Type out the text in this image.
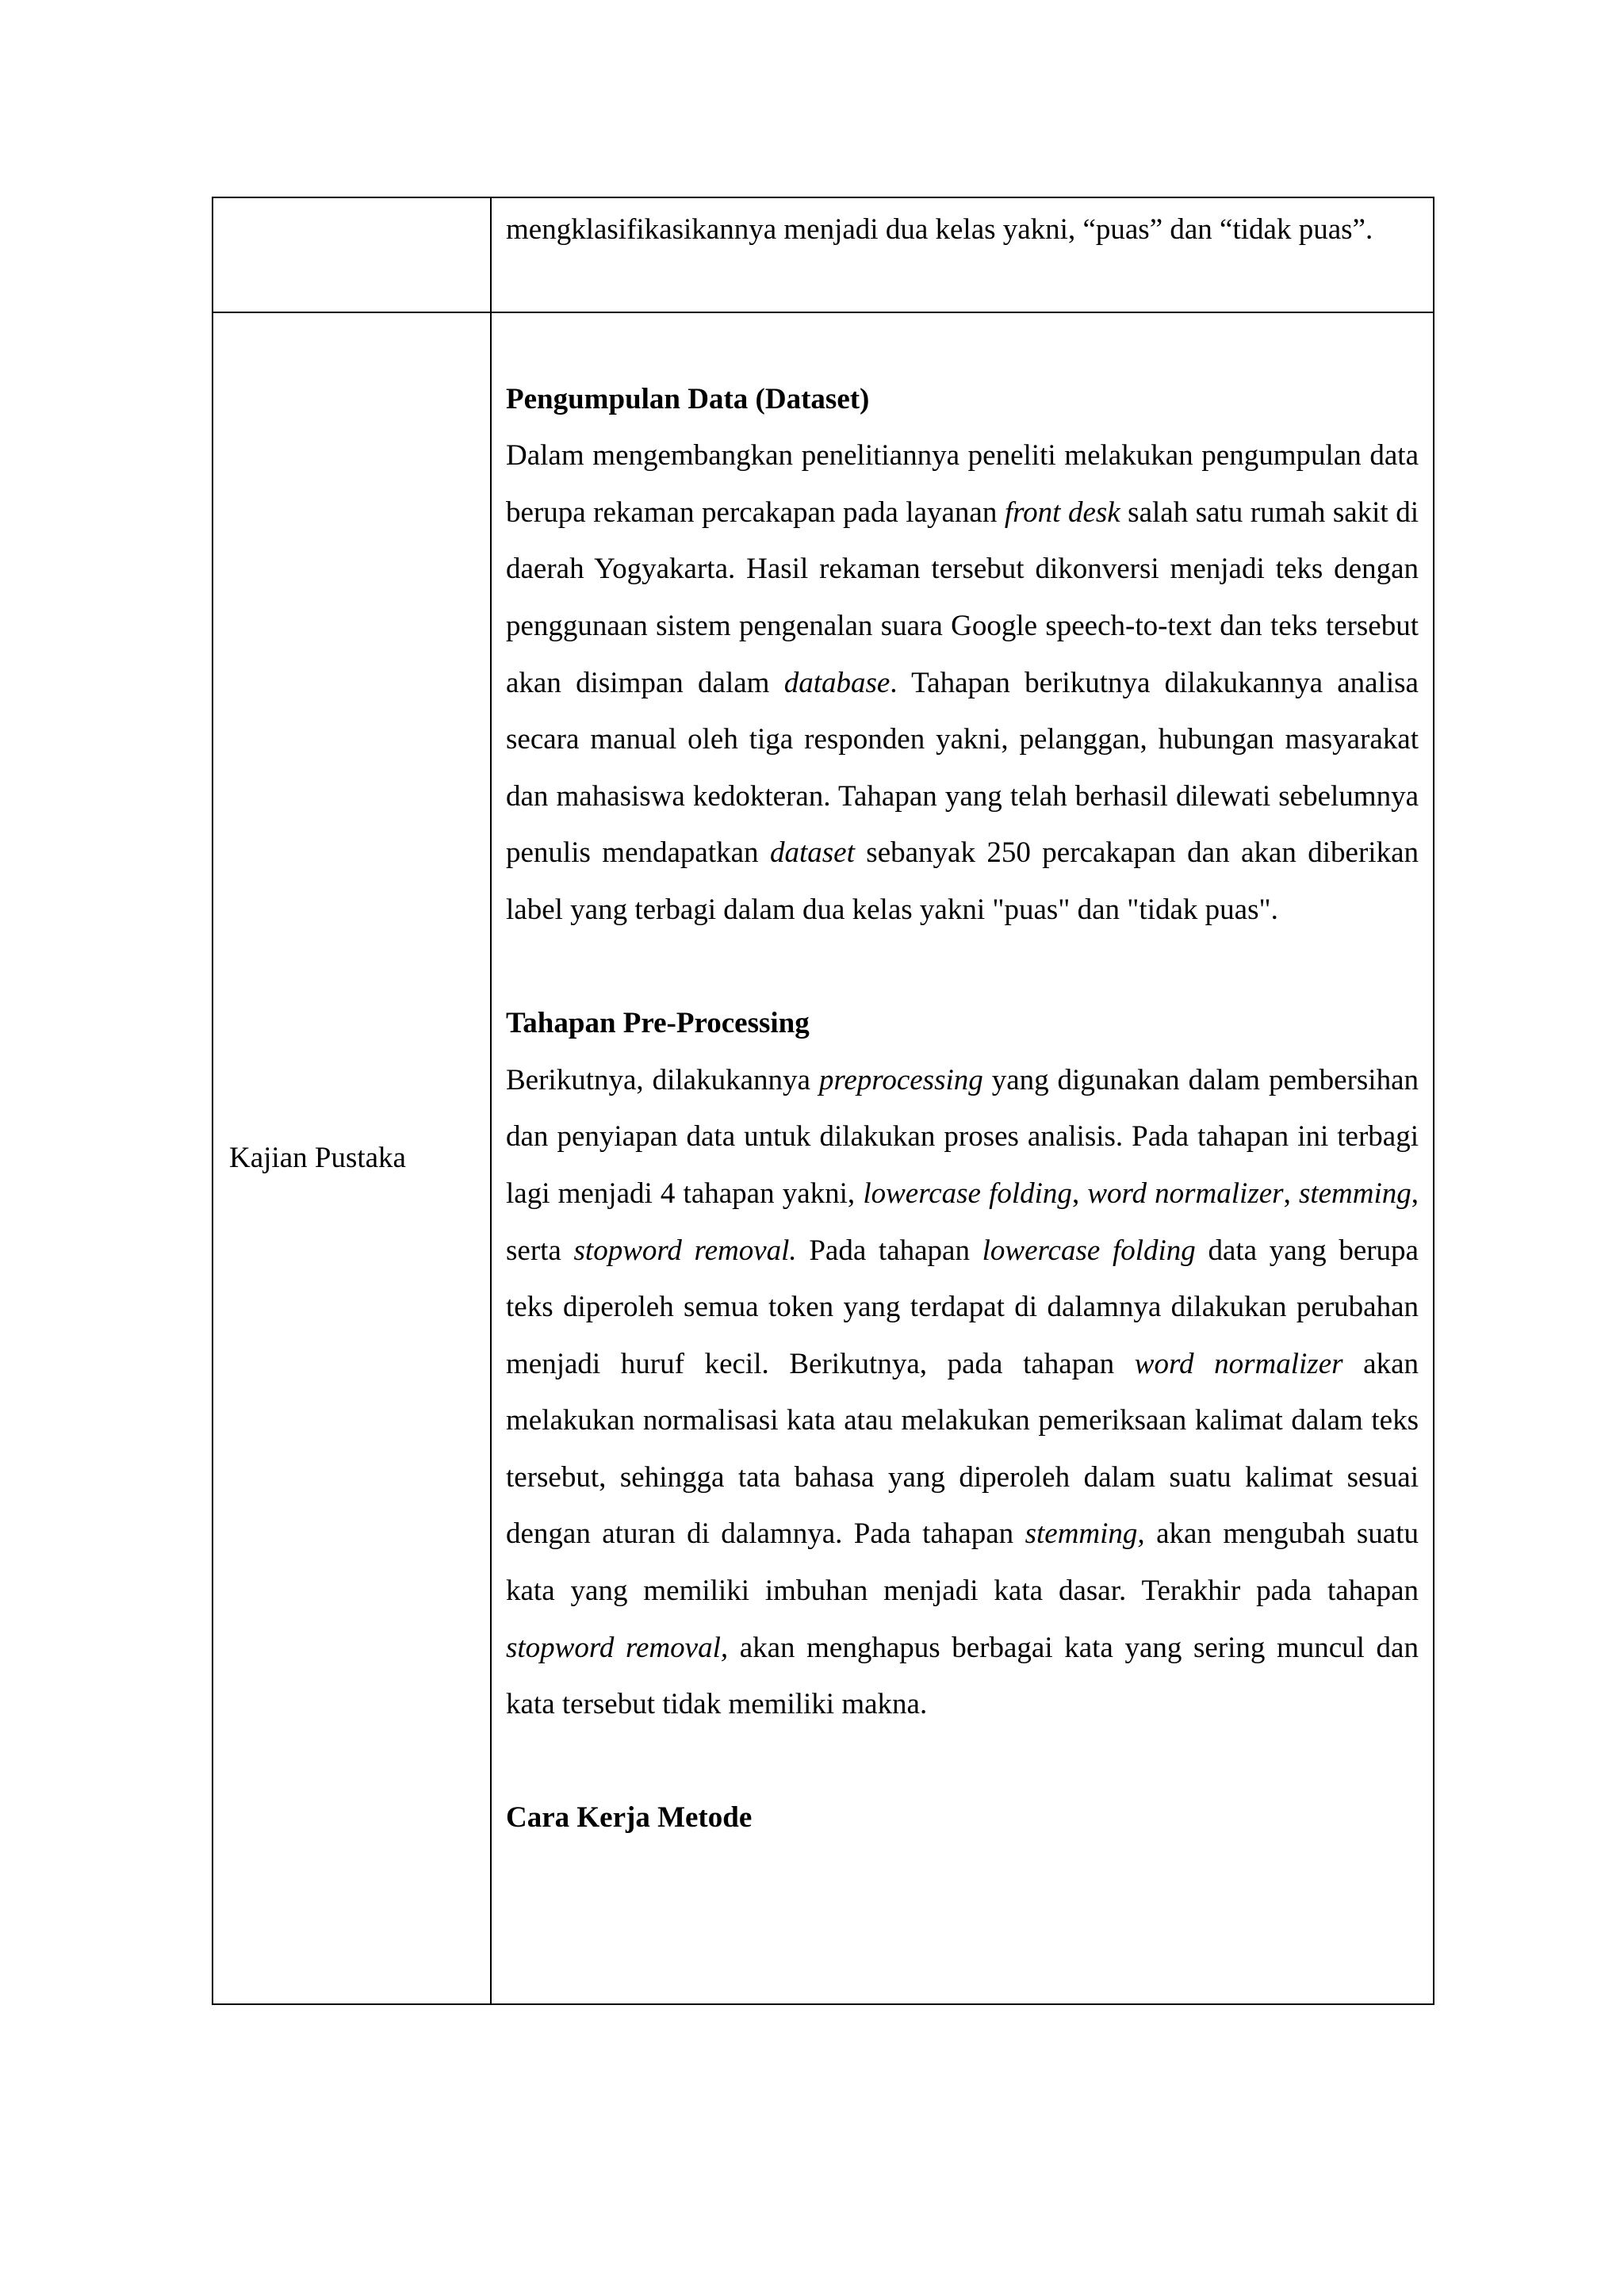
	mengklasifikasikannya menjadi dua kelas yakni, “puas” dan “tidak puas”.

Kajian Pustaka	Pengumpulan Data (Dataset)

Dalam mengembangkan penelitiannya peneliti melakukan pengumpulan data berupa rekaman percakapan pada layanan front desk salah satu rumah sakit di daerah Yogyakarta. Hasil rekaman tersebut dikonversi menjadi teks dengan penggunaan sistem pengenalan suara Google speech-to-text dan teks tersebut akan disimpan dalam database. Tahapan berikutnya dilakukannya analisa secara manual oleh tiga responden yakni, pelanggan, hubungan masyarakat dan mahasiswa kedokteran. Tahapan yang telah berhasil dilewati sebelumnya penulis mendapatkan dataset sebanyak 250 percakapan dan akan diberikan label yang terbagi dalam dua kelas yakni "puas" dan "tidak puas".

Tahapan Pre-Processing

Berikutnya, dilakukannya preprocessing yang digunakan dalam pembersihan dan penyiapan data untuk dilakukan proses analisis. Pada tahapan ini terbagi lagi menjadi 4 tahapan yakni, lowercase folding, word normalizer, stemming, serta stopword removal. Pada tahapan lowercase folding data yang berupa teks diperoleh semua token yang terdapat di dalamnya dilakukan perubahan menjadi huruf kecil. Berikutnya, pada tahapan word normalizer akan melakukan normalisasi kata atau melakukan pemeriksaan kalimat dalam teks tersebut, sehingga tata bahasa yang diperoleh dalam suatu kalimat sesuai dengan aturan di dalamnya. Pada tahapan stemming, akan mengubah suatu kata yang memiliki imbuhan menjadi kata dasar. Terakhir pada tahapan stopword removal, akan menghapus berbagai kata yang sering muncul dan kata tersebut tidak memiliki makna.

Cara Kerja Metode
